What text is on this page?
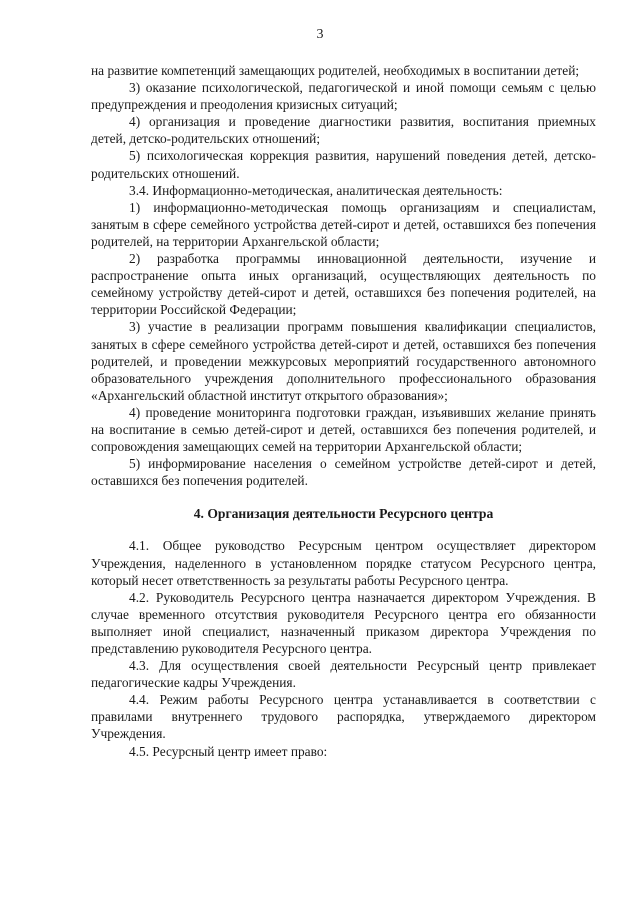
3

на развитие компетенций замещающих родителей, необходимых в воспитании детей;

3) оказание психологической, педагогической и иной помощи семьям с целью предупреждения и преодоления кризисных ситуаций;

4) организация и проведение диагностики развития, воспитания приемных детей, детско-родительских отношений;

5) психологическая коррекция развития, нарушений поведения детей, детско-родительских отношений.

3.4. Информационно-методическая, аналитическая деятельность:

1) информационно-методическая помощь организациям и специалистам, занятым в сфере семейного устройства детей-сирот и детей, оставшихся без попечения родителей, на территории Архангельской области;

2) разработка программы инновационной деятельности, изучение и распространение опыта иных организаций, осуществляющих деятельность по семейному устройству детей-сирот и детей, оставшихся без попечения родителей, на территории Российской Федерации;

3) участие в реализации программ повышения квалификации специалистов, занятых в сфере семейного устройства детей-сирот и детей, оставшихся без попечения родителей, и проведении межкурсовых мероприятий государственного автономного образовательного учреждения дополнительного профессионального образования «Архангельский областной институт открытого образования»;

4) проведение мониторинга подготовки граждан, изъявивших желание принять на воспитание в семью детей-сирот и детей, оставшихся без попечения родителей, и сопровождения замещающих семей на территории Архангельской области;

5) информирование населения о семейном устройстве детей-сирот и детей, оставшихся без попечения родителей.

4. Организация деятельности Ресурсного центра

4.1. Общее руководство Ресурсным центром осуществляет директором Учреждения, наделенного в установленном порядке статусом Ресурсного центра, который несет ответственность за результаты работы Ресурсного центра.

4.2. Руководитель Ресурсного центра назначается директором Учреждения. В случае временного отсутствия руководителя Ресурсного центра его обязанности выполняет иной специалист, назначенный приказом директора Учреждения по представлению руководителя Ресурсного центра.

4.3. Для осуществления своей деятельности Ресурсный центр привлекает педагогические кадры Учреждения.

4.4. Режим работы Ресурсного центра устанавливается в соответствии с правилами внутреннего трудового распорядка, утверждаемого директором Учреждения.

4.5. Ресурсный центр имеет право:
